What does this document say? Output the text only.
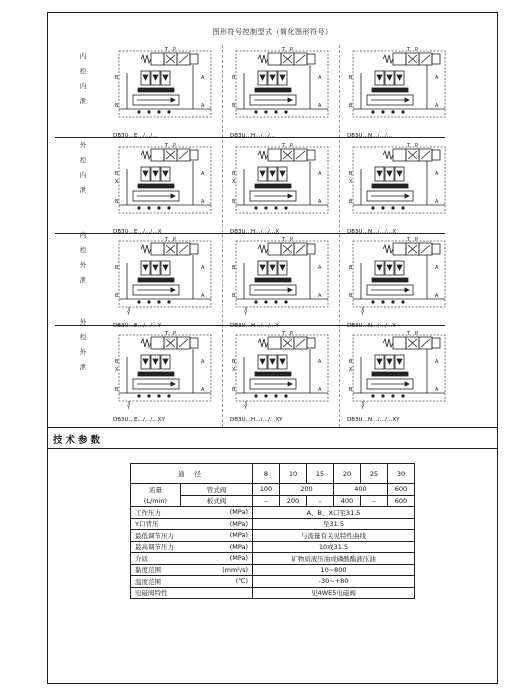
图形符号控制型式（简化图形符号）
内
控
内
泄
外
控
内
泄
内
控
外
泄
外
控
外
泄
B	A
B	A
P
T
DB3U…E…/…/…
B	A
B	A
P
T
DB3U…H…/…/…
B	A
B	A
P
T
DB3U…N…/…/…
B	A
B	A
P
T
X
DB3U…E…/…/…X
B	A
B	A
P
T
X
DB3U…H…/…/…X
B	A
B	A
P
T
X
DB3U…N…/…/…X
B	A
B	A
P
T
Y
DB3U…E…/…/…Y
B	A
B	A
P
T
Y
DB3U…H…/…/…Y
B	A
B	A
P
T
Y
DB3U…N…/…/…Y
B	A
B	A
P
T
X
Y
DB3U…E…/…/…XY
B	A
B	A
P
T
X
Y
DB3U…H…/…/…XY
B	A
B	A
P
T
X
Y
DB3U…N…/…/…XY
技术参数
通 径		8	10	15	20	25	30
流量	管式阀	100	200		400		600
(L/min)	板式阀	–	200	–	400	–	600
工作压力	(MPa)	A、B、X口至31.5					
Y口背压	(MPa)	至31.5					
最低调节压力	(MPa)	与流量有关见特性曲线					
最高调节压力	(MPa)	10或31.5					
介质	(MPa)	矿物质液压油或磷酸酯液压油					
黏度范围	(mm²/s)	10~800					
温度范围	(℃)	-30~+80					
电磁阀特性		见4WE5电磁阀					
